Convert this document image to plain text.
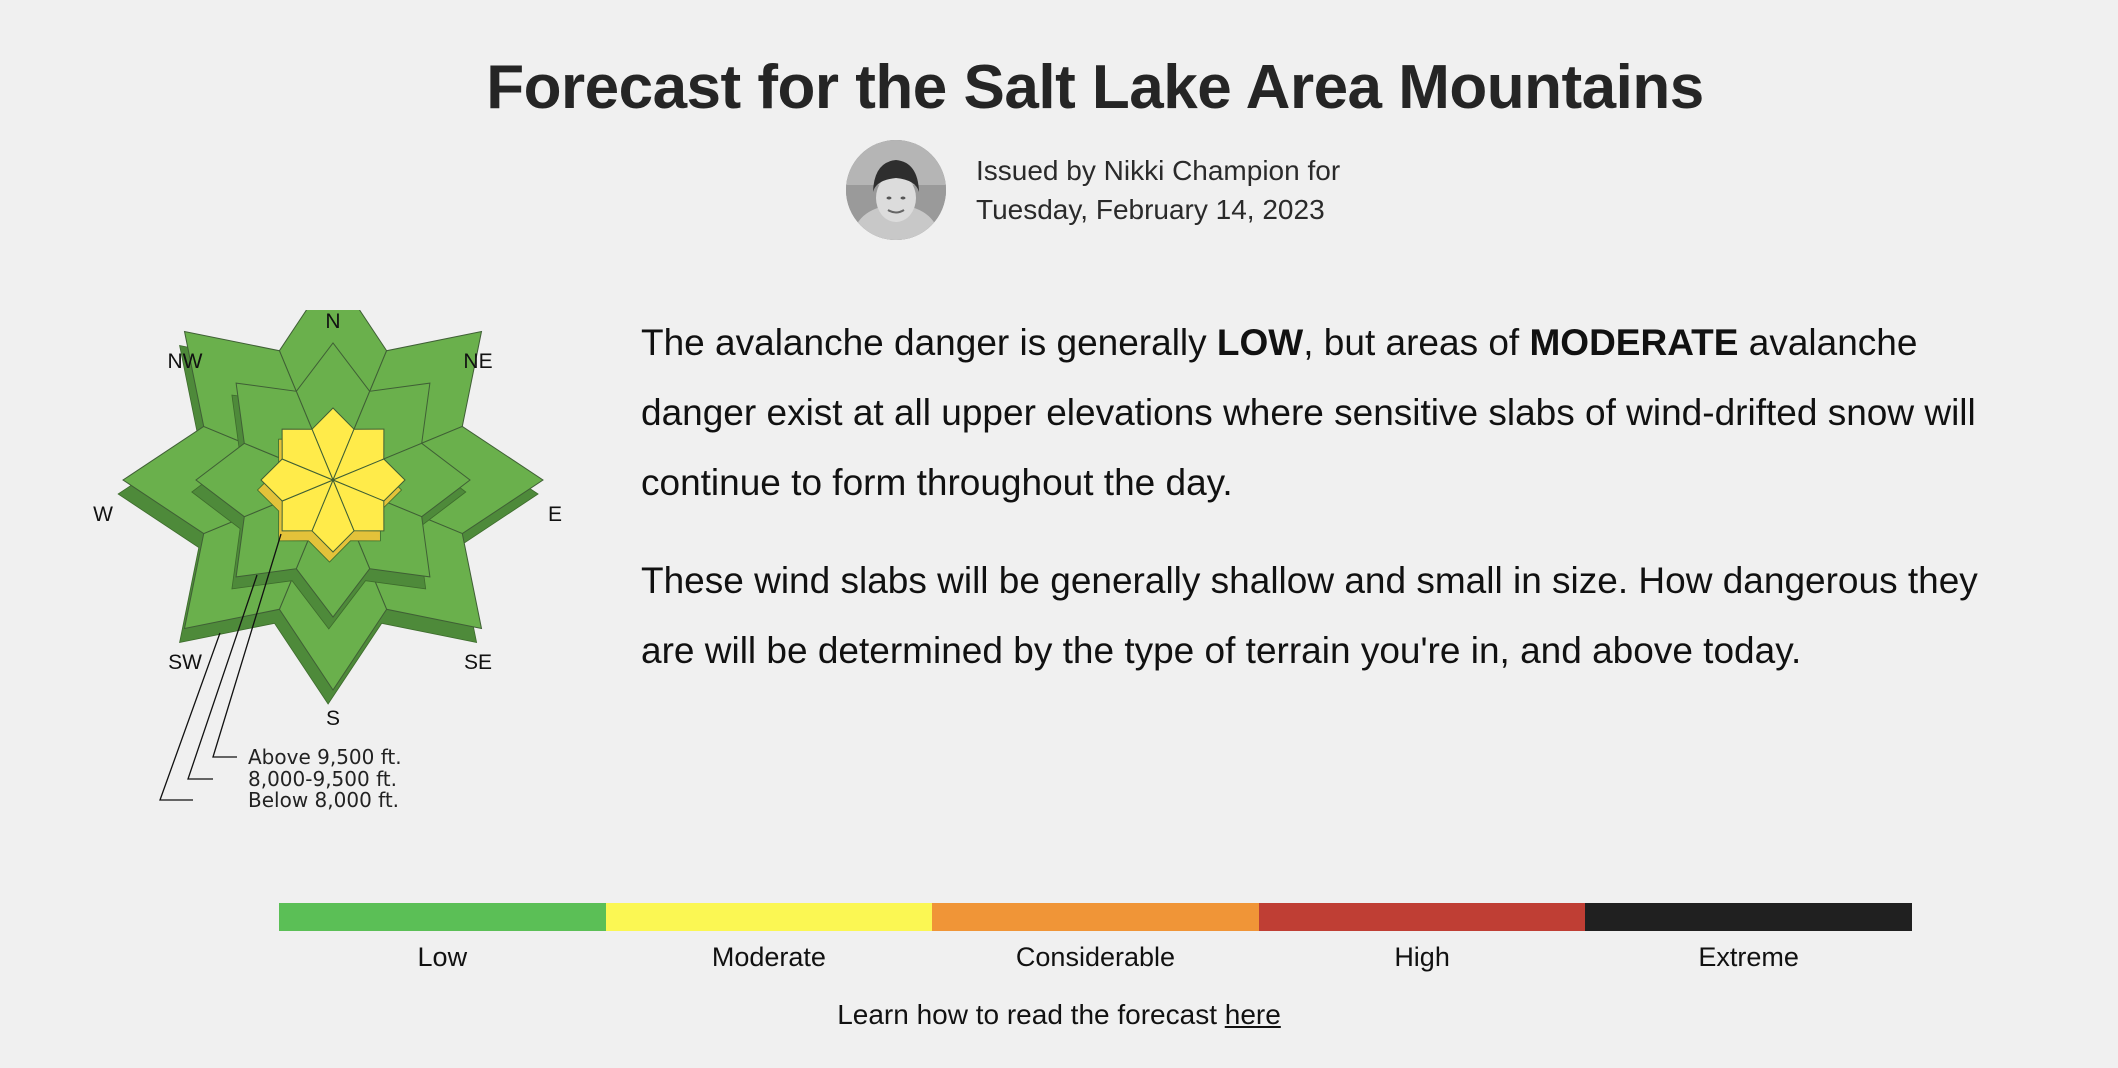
Forecast for the Salt Lake Area Mountains
Issued by Nikki Champion for
Tuesday, February 14, 2023
N
NE
E
SE
S
SW
W
NW
Above 9,500 ft.
8,000-9,500 ft.
Below 8,000 ft.

The avalanche danger is generally LOW, but areas of MODERATE avalanche danger exist at all upper elevations where sensitive slabs of wind-drifted snow will continue to form throughout the day.

These wind slabs will be generally shallow and small in size. How dangerous they are will be determined by the type of terrain you're in, and above today.

Low	Moderate	Considerable	High	Extreme
Learn how to read the forecast here
